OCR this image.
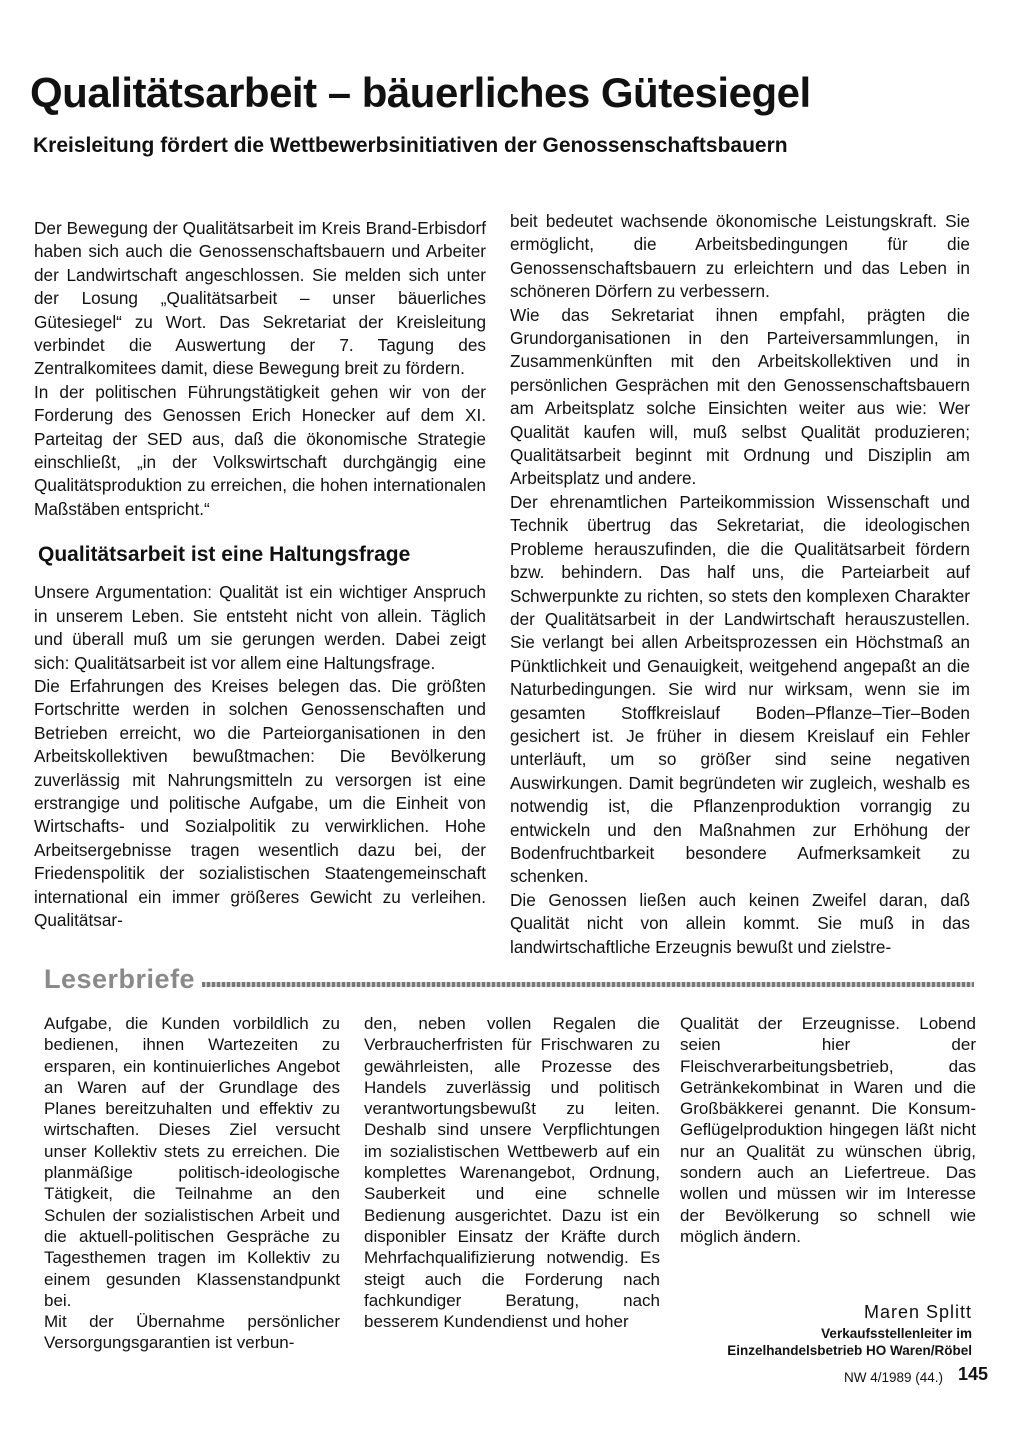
Qualitätsarbeit – bäuerliches Gütesiegel
Kreisleitung fördert die Wettbewerbsinitiativen der Genossenschaftsbauern

Der Bewegung der Qualitätsarbeit im Kreis Brand-Erbisdorf haben sich auch die Genossenschaftsbauern und Arbeiter der Landwirtschaft angeschlossen. Sie melden sich unter der Losung „Qualitätsarbeit – unser bäuerliches Gütesiegel“ zu Wort. Das Sekretariat der Kreisleitung verbindet die Auswertung der 7. Tagung des Zentralkomitees damit, diese Bewegung breit zu fördern.

In der politischen Führungstätigkeit gehen wir von der Forderung des Genossen Erich Honecker auf dem XI. Parteitag der SED aus, daß die ökonomische Strategie einschließt, „in der Volkswirtschaft durchgängig eine Qualitätsproduktion zu erreichen, die hohen internationalen Maßstäben entspricht.“

Qualitätsarbeit ist eine Haltungsfrage

Unsere Argumentation: Qualität ist ein wichtiger Anspruch in unserem Leben. Sie entsteht nicht von allein. Täglich und überall muß um sie gerungen werden. Dabei zeigt sich: Qualitätsarbeit ist vor allem eine Haltungsfrage.

Die Erfahrungen des Kreises belegen das. Die größten Fortschritte werden in solchen Genossenschaften und Betrieben erreicht, wo die Parteiorganisationen in den Arbeitskollektiven bewußtmachen: Die Bevölkerung zuverlässig mit Nahrungsmitteln zu versorgen ist eine erstrangige und politische Aufgabe, um die Einheit von Wirtschafts- und Sozialpolitik zu verwirklichen. Hohe Arbeitsergebnisse tragen wesentlich dazu bei, der Friedenspolitik der sozialistischen Staatengemeinschaft international ein immer größeres Gewicht zu verleihen. Qualitätsar-

beit bedeutet wachsende ökonomische Leistungskraft. Sie ermöglicht, die Arbeitsbedingungen für die Genossenschaftsbauern zu erleichtern und das Leben in schöneren Dörfern zu verbessern.

Wie das Sekretariat ihnen empfahl, prägten die Grundorganisationen in den Parteiversammlungen, in Zusammenkünften mit den Arbeitskollektiven und in persönlichen Gesprächen mit den Genossenschaftsbauern am Arbeitsplatz solche Einsichten weiter aus wie: Wer Qualität kaufen will, muß selbst Qualität produzieren; Qualitätsarbeit beginnt mit Ordnung und Disziplin am Arbeitsplatz und andere.

Der ehrenamtlichen Parteikommission Wissenschaft und Technik übertrug das Sekretariat, die ideologischen Probleme herauszufinden, die die Qualitätsarbeit fördern bzw. behindern. Das half uns, die Parteiarbeit auf Schwerpunkte zu richten, so stets den komplexen Charakter der Qualitätsarbeit in der Landwirtschaft herauszustellen. Sie verlangt bei allen Arbeitsprozessen ein Höchstmaß an Pünktlichkeit und Genauigkeit, weitgehend angepaßt an die Naturbedingungen. Sie wird nur wirksam, wenn sie im gesamten Stoffkreislauf Boden–Pflanze–Tier–Boden gesichert ist. Je früher in diesem Kreislauf ein Fehler unterläuft, um so größer sind seine negativen Auswirkungen. Damit begründeten wir zugleich, weshalb es notwendig ist, die Pflanzenproduktion vorrangig zu entwickeln und den Maßnahmen zur Erhöhung der Bodenfruchtbarkeit besondere Aufmerksamkeit zu schenken.

Die Genossen ließen auch keinen Zweifel daran, daß Qualität nicht von allein kommt. Sie muß in das landwirtschaftliche Erzeugnis bewußt und zielstre-

Leserbriefe

Aufgabe, die Kunden vorbildlich zu bedienen, ihnen Wartezeiten zu ersparen, ein kontinuierliches Angebot an Waren auf der Grundlage des Planes bereitzuhalten und effektiv zu wirtschaften. Dieses Ziel versucht unser Kollektiv stets zu erreichen. Die planmäßige politisch-ideologische Tätigkeit, die Teilnahme an den Schulen der sozialistischen Arbeit und die aktuell-politischen Gespräche zu Tagesthemen tragen im Kollektiv zu einem gesunden Klassenstandpunkt bei.

Mit der Übernahme persönlicher Versorgungsgarantien ist verbun-

den, neben vollen Regalen die Verbraucherfristen für Frischwaren zu gewährleisten, alle Prozesse des Handels zuverlässig und politisch verantwortungsbewußt zu leiten. Deshalb sind unsere Verpflichtungen im sozialistischen Wettbewerb auf ein komplettes Warenangebot, Ordnung, Sauberkeit und eine schnelle Bedienung ausgerichtet. Dazu ist ein disponibler Einsatz der Kräfte durch Mehrfachqualifizierung notwendig. Es steigt auch die Forderung nach fachkundiger Beratung, nach besserem Kundendienst und hoher

Qualität der Erzeugnisse. Lobend seien hier der Fleischverarbeitungsbetrieb, das Getränkekombinat in Waren und die Großbäkkerei genannt. Die Konsum-Geflügelproduktion hingegen läßt nicht nur an Qualität zu wünschen übrig, sondern auch an Liefertreue. Das wollen und müssen wir im Interesse der Bevölkerung so schnell wie möglich ändern.

Maren Splitt

Verkaufsstellenleiter im

Einzelhandelsbetrieb HO Waren/Röbel

NW 4/1989 (44.) 145
